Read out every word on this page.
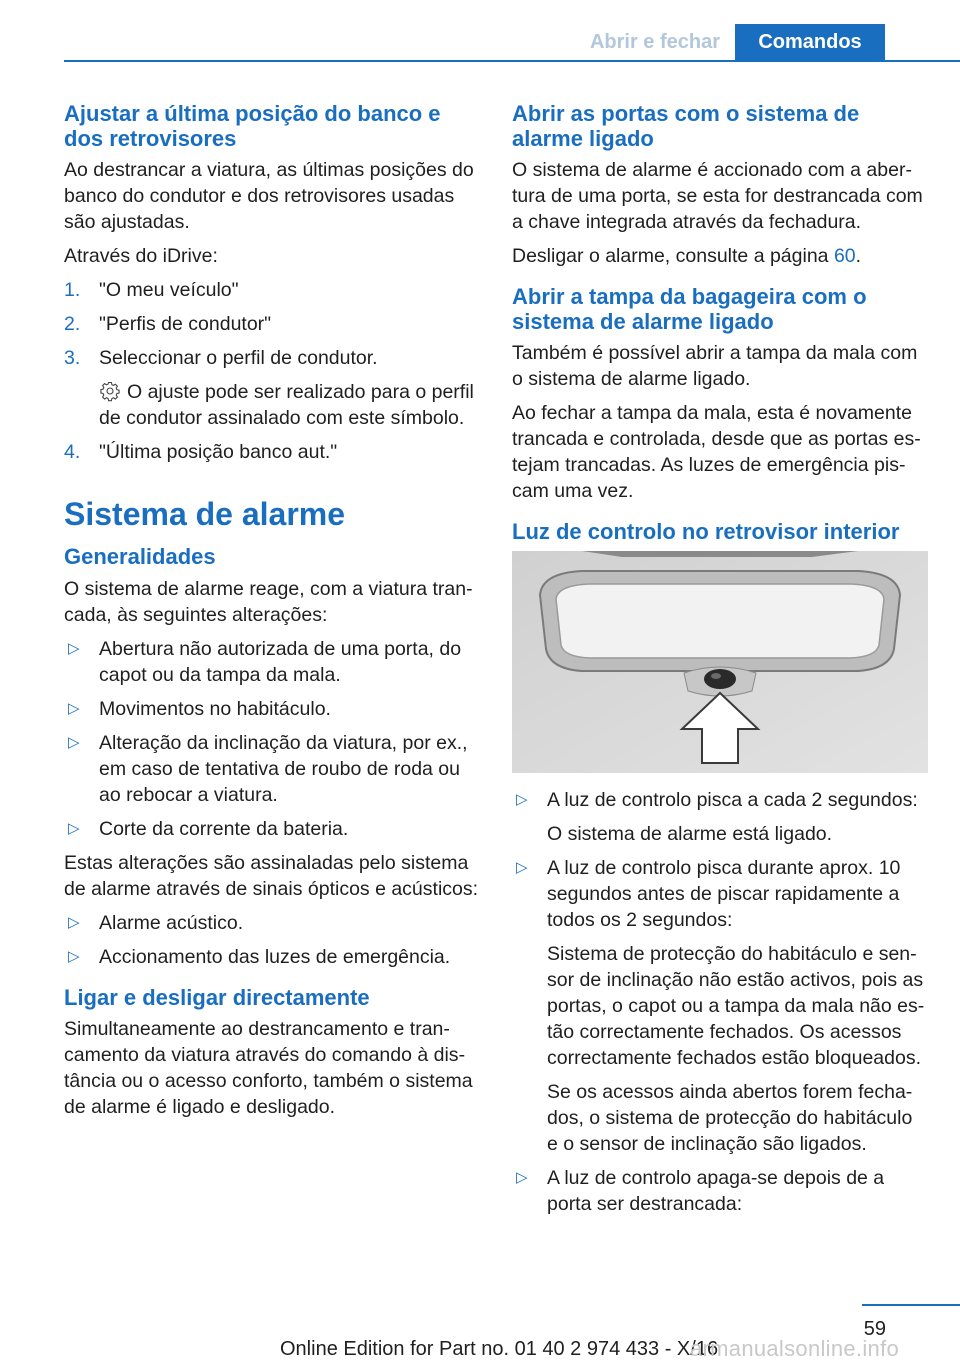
Abrir e fechar	Comandos
Ajustar a última posição do banco e dos retrovisores

Ao destrancar a viatura, as últimas posições do banco do condutor e dos retrovisores usadas são ajustadas.

Através do iDrive:

1. "O meu veículo"
2. "Perfis de condutor"
3. Seleccionar o perfil de condutor.
O ajuste pode ser realizado para o perfil de condutor assinalado com este símbolo.
4. "Última posição banco aut."
Sistema de alarme
Generalidades

O sistema de alarme reage, com a viatura trancada, às seguintes alterações:

▷ Abertura não autorizada de uma porta, do capot ou da tampa da mala.
▷ Movimentos no habitáculo.
▷ Alteração da inclinação da viatura, por ex., em caso de tentativa de roubo de roda ou ao rebocar a viatura.
▷ Corte da corrente da bateria.

Estas alterações são assinaladas pelo sistema de alarme através de sinais ópticos e acústicos:

▷ Alarme acústico.
▷ Accionamento das luzes de emergência.
Ligar e desligar directamente

Simultaneamente ao destrancamento e trancamento da viatura através do comando à distância ou o acesso conforto, também o sistema de alarme é ligado e desligado.

Abrir as portas com o sistema de alarme ligado

O sistema de alarme é accionado com a abertura de uma porta, se esta for destrancada com a chave integrada através da fechadura.

Desligar o alarme, consulte a página 60.

Abrir a tampa da bagageira com o sistema de alarme ligado

Também é possível abrir a tampa da mala com o sistema de alarme ligado.

Ao fechar a tampa da mala, esta é novamente trancada e controlada, desde que as portas estejam trancadas. As luzes de emergência piscam uma vez.

Luz de controlo no retrovisor interior
▷ A luz de controlo pisca a cada 2 segundos:

O sistema de alarme está ligado.

▷ A luz de controlo pisca durante aprox. 10 segundos antes de piscar rapidamente a todos os 2 segundos:

Sistema de protecção do habitáculo e sensor de inclinação não estão activos, pois as portas, o capot ou a tampa da mala não estão correctamente fechados. Os acessos correctamente fechados estão bloqueados.

Se os acessos ainda abertos forem fechados, o sistema de protecção do habitáculo e o sensor de inclinação são ligados.

▷ A luz de controlo apaga-se depois de a porta ser destrancada:
59
Online Edition for Part no. 01 40 2 974 433 - X/16
armanualsonline.info
